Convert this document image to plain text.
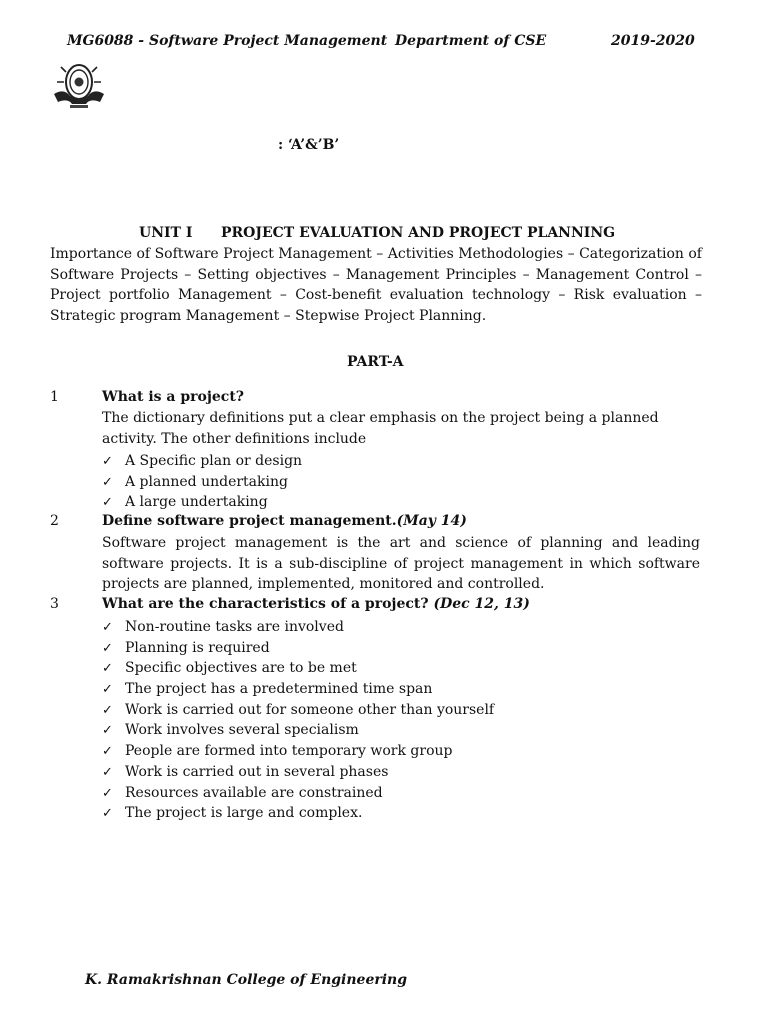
MG6088 - Software Project Management Department of CSE	2019-2020
: ‘A’&’B’
UNIT I PROJECT EVALUATION AND PROJECT PLANNING
Importance of Software Project Management – Activities Methodologies – Categorization of Software Projects – Setting objectives – Management Principles – Management Control – Project portfolio Management – Cost-benefit evaluation technology – Risk evaluation – Strategic program Management – Stepwise Project Planning.
PART-A
1	What is a project?
The dictionary definitions put a clear emphasis on the project being a planned activity. The other definitions include
✓ A Specific plan or design
✓ A planned undertaking
✓ A large undertaking
2	Define software project management.(May 14)
Software project management is the art and science of planning and leading software projects. It is a sub-discipline of project management in which software projects are planned, implemented, monitored and controlled.
3	What are the characteristics of a project? (Dec 12, 13)
✓ Non-routine tasks are involved
✓ Planning is required
✓ Specific objectives are to be met
✓ The project has a predetermined time span
✓ Work is carried out for someone other than yourself
✓ Work involves several specialism
✓ People are formed into temporary work group
✓ Work is carried out in several phases
✓ Resources available are constrained
✓ The project is large and complex.
K. Ramakrishnan College of Engineering
